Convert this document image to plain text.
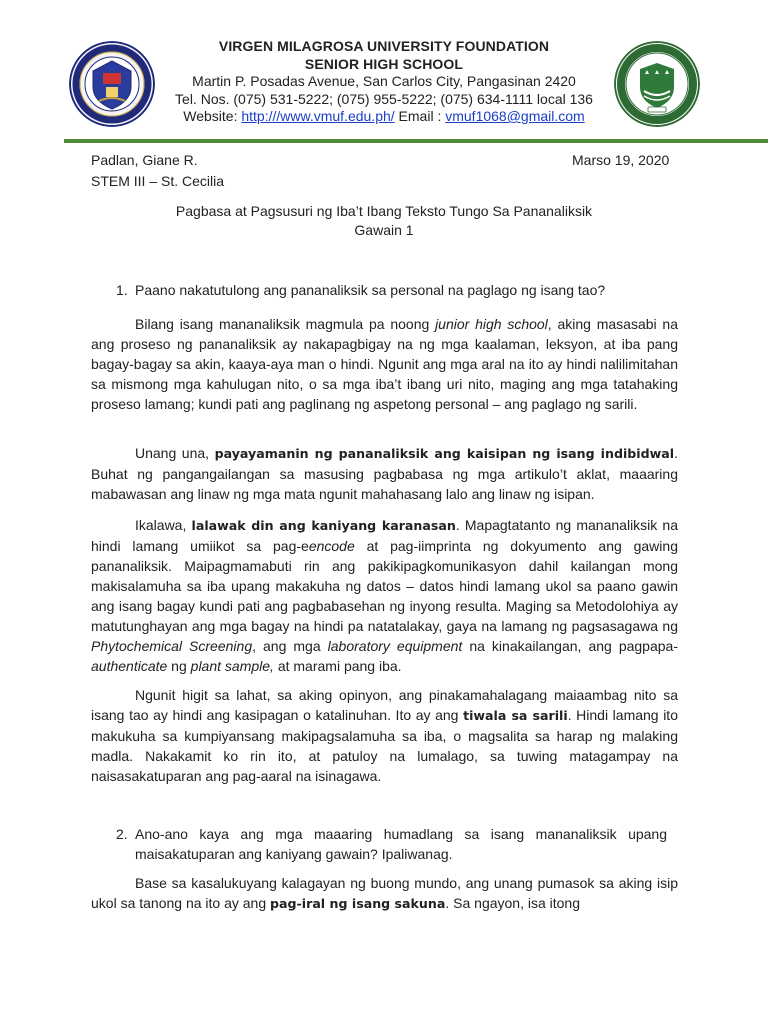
VIRGEN MILAGROSA UNIVERSITY FOUNDATION
SENIOR HIGH SCHOOL
Martin P. Posadas Avenue, San Carlos City, Pangasinan 2420
Tel. Nos. (075) 531-5222; (075) 955-5222; (075) 634-1111 local 136
Website: http:///www.vmuf.edu.ph/ Email : vmuf1068@gmail.com
Padlan, Giane R.
STEM III – St. Cecilia
Marso 19, 2020
Pagbasa at Pagsusuri ng Iba’t Ibang Teksto Tungo Sa Pananaliksik
Gawain 1
1. Paano nakatutulong ang pananaliksik sa personal na paglago ng isang tao?
Bilang isang mananaliksik magmula pa noong junior high school, aking masasabi na ang proseso ng pananaliksik ay nakapagbigay na ng mga kaalaman, leksyon, at iba pang bagay-bagay sa akin, kaaya-aya man o hindi. Ngunit ang mga aral na ito ay hindi nalilimitahan sa mismong mga kahulugan nito, o sa mga iba’t ibang uri nito, maging ang mga tatahaking proseso lamang; kundi pati ang paglinang ng aspetong personal – ang paglago ng sarili.
Unang una, payayamanin ng pananaliksik ang kaisipan ng isang indibidwal. Buhat ng pangangailangan sa masusing pagbabasa ng mga artikulo’t aklat, maaaring mabawasan ang linaw ng mga mata ngunit mahahasang lalo ang linaw ng isipan.
Ikalawa, lalawak din ang kaniyang karanasan. Mapagtatanto ng mananaliksik na hindi lamang umiikot sa pag-eencode at pag-iimprinta ng dokyumento ang gawing pananaliksik. Maipagmamabuti rin ang pakikipagkomunikasyon dahil kailangan mong makisalamuha sa iba upang makakuha ng datos – datos hindi lamang ukol sa paano gawin ang isang bagay kundi pati ang pagbabasehan ng inyong resulta. Maging sa Metodolohiya ay matutunghayan ang mga bagay na hindi pa natatalakay, gaya na lamang ng pagsasagawa ng Phytochemical Screening, ang mga laboratory equipment na kinakailangan, ang pagpapa-authenticate ng plant sample, at marami pang iba.
Ngunit higit sa lahat, sa aking opinyon, ang pinakamahalagang maiaambag nito sa isang tao ay hindi ang kasipagan o katalinuhan. Ito ay ang tiwala sa sarili. Hindi lamang ito makukuha sa kumpiyansang makipagsalamuha sa iba, o magsalita sa harap ng malaking madla. Nakakamit ko rin ito, at patuloy na lumalago, sa tuwing matagampay na naisasakatuparan ang pag-aaral na isinagawa.
2. Ano-ano kaya ang mga maaaring humadlang sa isang mananaliksik upang maisakatuparan ang kaniyang gawain? Ipaliwanag.
Base sa kasalukuyang kalagayan ng buong mundo, ang unang pumasok sa aking isip ukol sa tanong na ito ay ang pag-iral ng isang sakuna. Sa ngayon, isa itong
